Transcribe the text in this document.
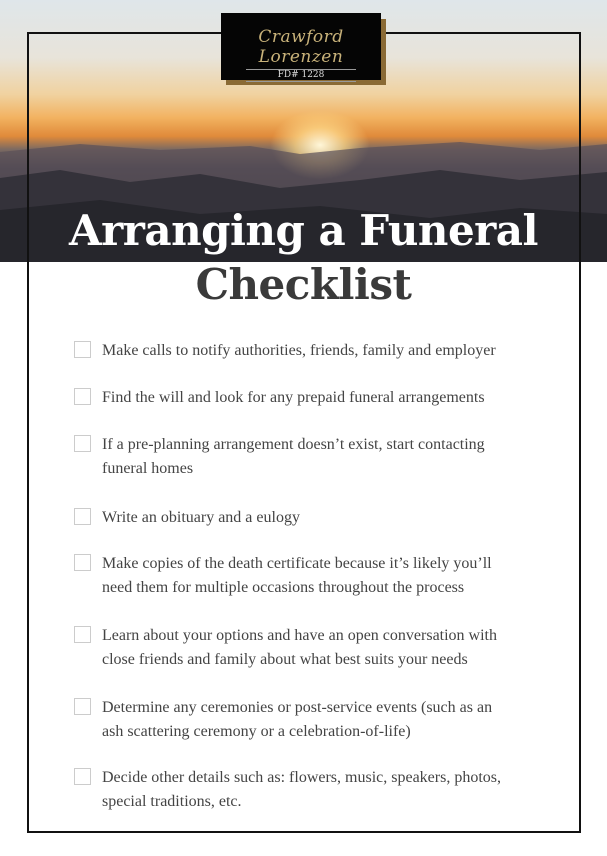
Crawford Lorenzen
FD# 1228
Arranging a Funeral
Checklist
Make calls to notify authorities, friends, family and employer
Find the will and look for any prepaid funeral arrangements
If a pre-planning arrangement doesn’t exist, start contacting funeral homes
Write an obituary and a eulogy
Make copies of the death certificate because it’s likely you’ll need them for multiple occasions throughout the process
Learn about your options and have an open conversation with close friends and family about what best suits your needs
Determine any ceremonies or post-service events (such as an ash scattering ceremony or a celebration-of-life)
Decide other details such as: flowers, music, speakers, photos, special traditions, etc.
